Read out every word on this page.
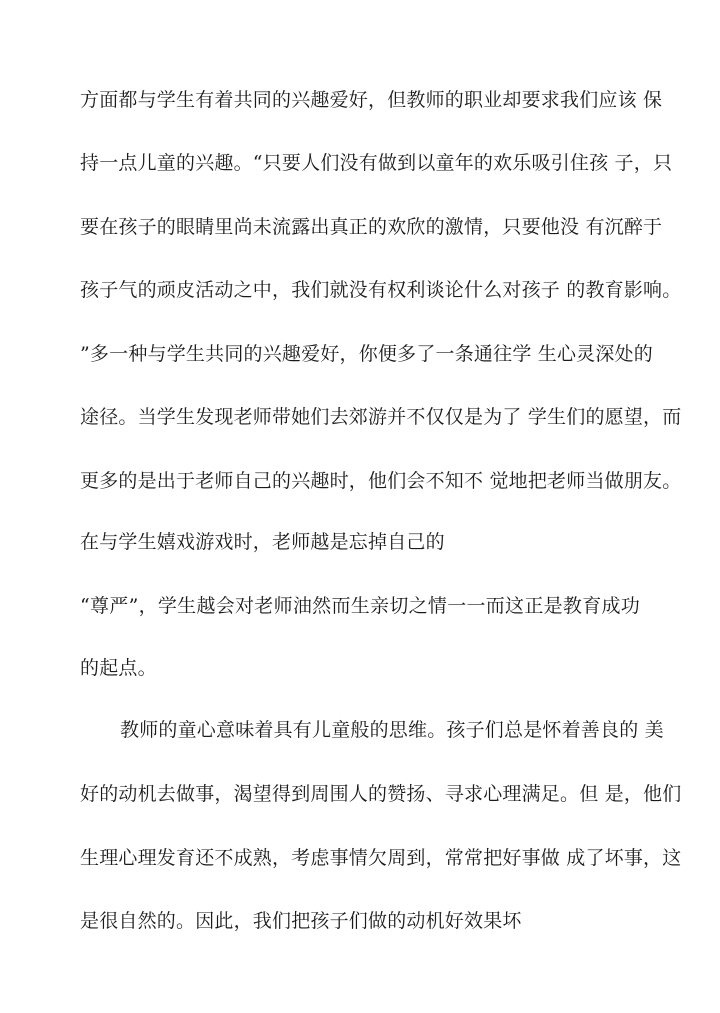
方面都与学生有着共同的兴趣爱好，但教师的职业却要求我们应该 保
持一点儿童的兴趣。“只要人们没有做到以童年的欢乐吸引住孩 子，只
要在孩子的眼睛里尚未流露出真正的欢欣的激情，只要他没 有沉醉于
孩子气的顽皮活动之中，我们就没有权利谈论什么对孩子 的教育影响。
”多一种与学生共同的兴趣爱好，你便多了一条通往学 生心灵深处的
途径。当学生发现老师带她们去郊游并不仅仅是为了 学生们的愿望，而
更多的是出于老师自己的兴趣时，他们会不知不 觉地把老师当做朋友。
在与学生嬉戏游戏时，老师越是忘掉自己的
“尊严”，学生越会对老师油然而生亲切之情一一而这正是教育成功
的起点。
教师的童心意味着具有儿童般的思维。孩子们总是怀着善良的 美
好的动机去做事，渴望得到周围人的赞扬、寻求心理满足。但 是，他们
生理心理发育还不成熟，考虑事情欠周到，常常把好事做 成了坏事，这
是很自然的。因此，我们把孩子们做的动机好效果坏
